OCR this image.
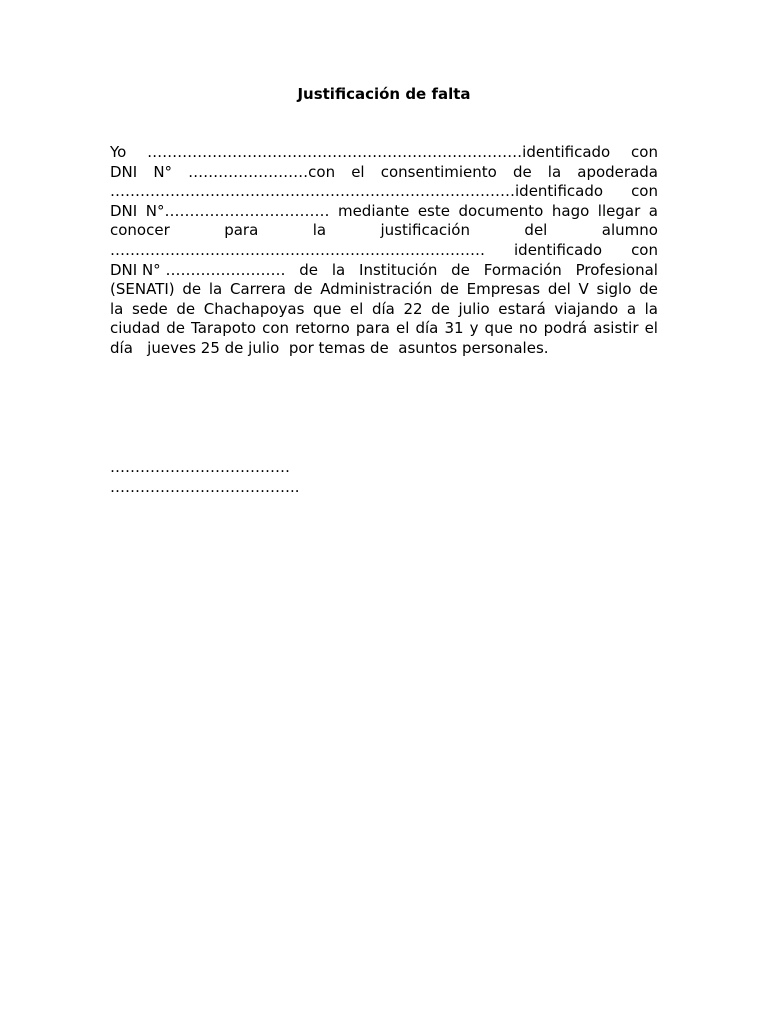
Justificación de falta
Yo …………………………………………………………………identificado con
DNI N° ……………………con el consentimiento de la apoderada
………………………………………………………………………identificado con
DNI N°…………………………… mediante este documento hago llegar a
conocer	para	la	justificación	del	alumno
………………………………………………………………… identificado con
DNI N° …………………… de la Institución de Formación Profesional
(SENATI) de la Carrera de Administración de Empresas del V siglo de
la sede de Chachapoyas que el día 22 de julio estará viajando a la
ciudad de Tarapoto con retorno para el día 31 y que no podrá asistir el
día   jueves 25 de julio  por temas de  asuntos personales.
………………………………
………………………………..
